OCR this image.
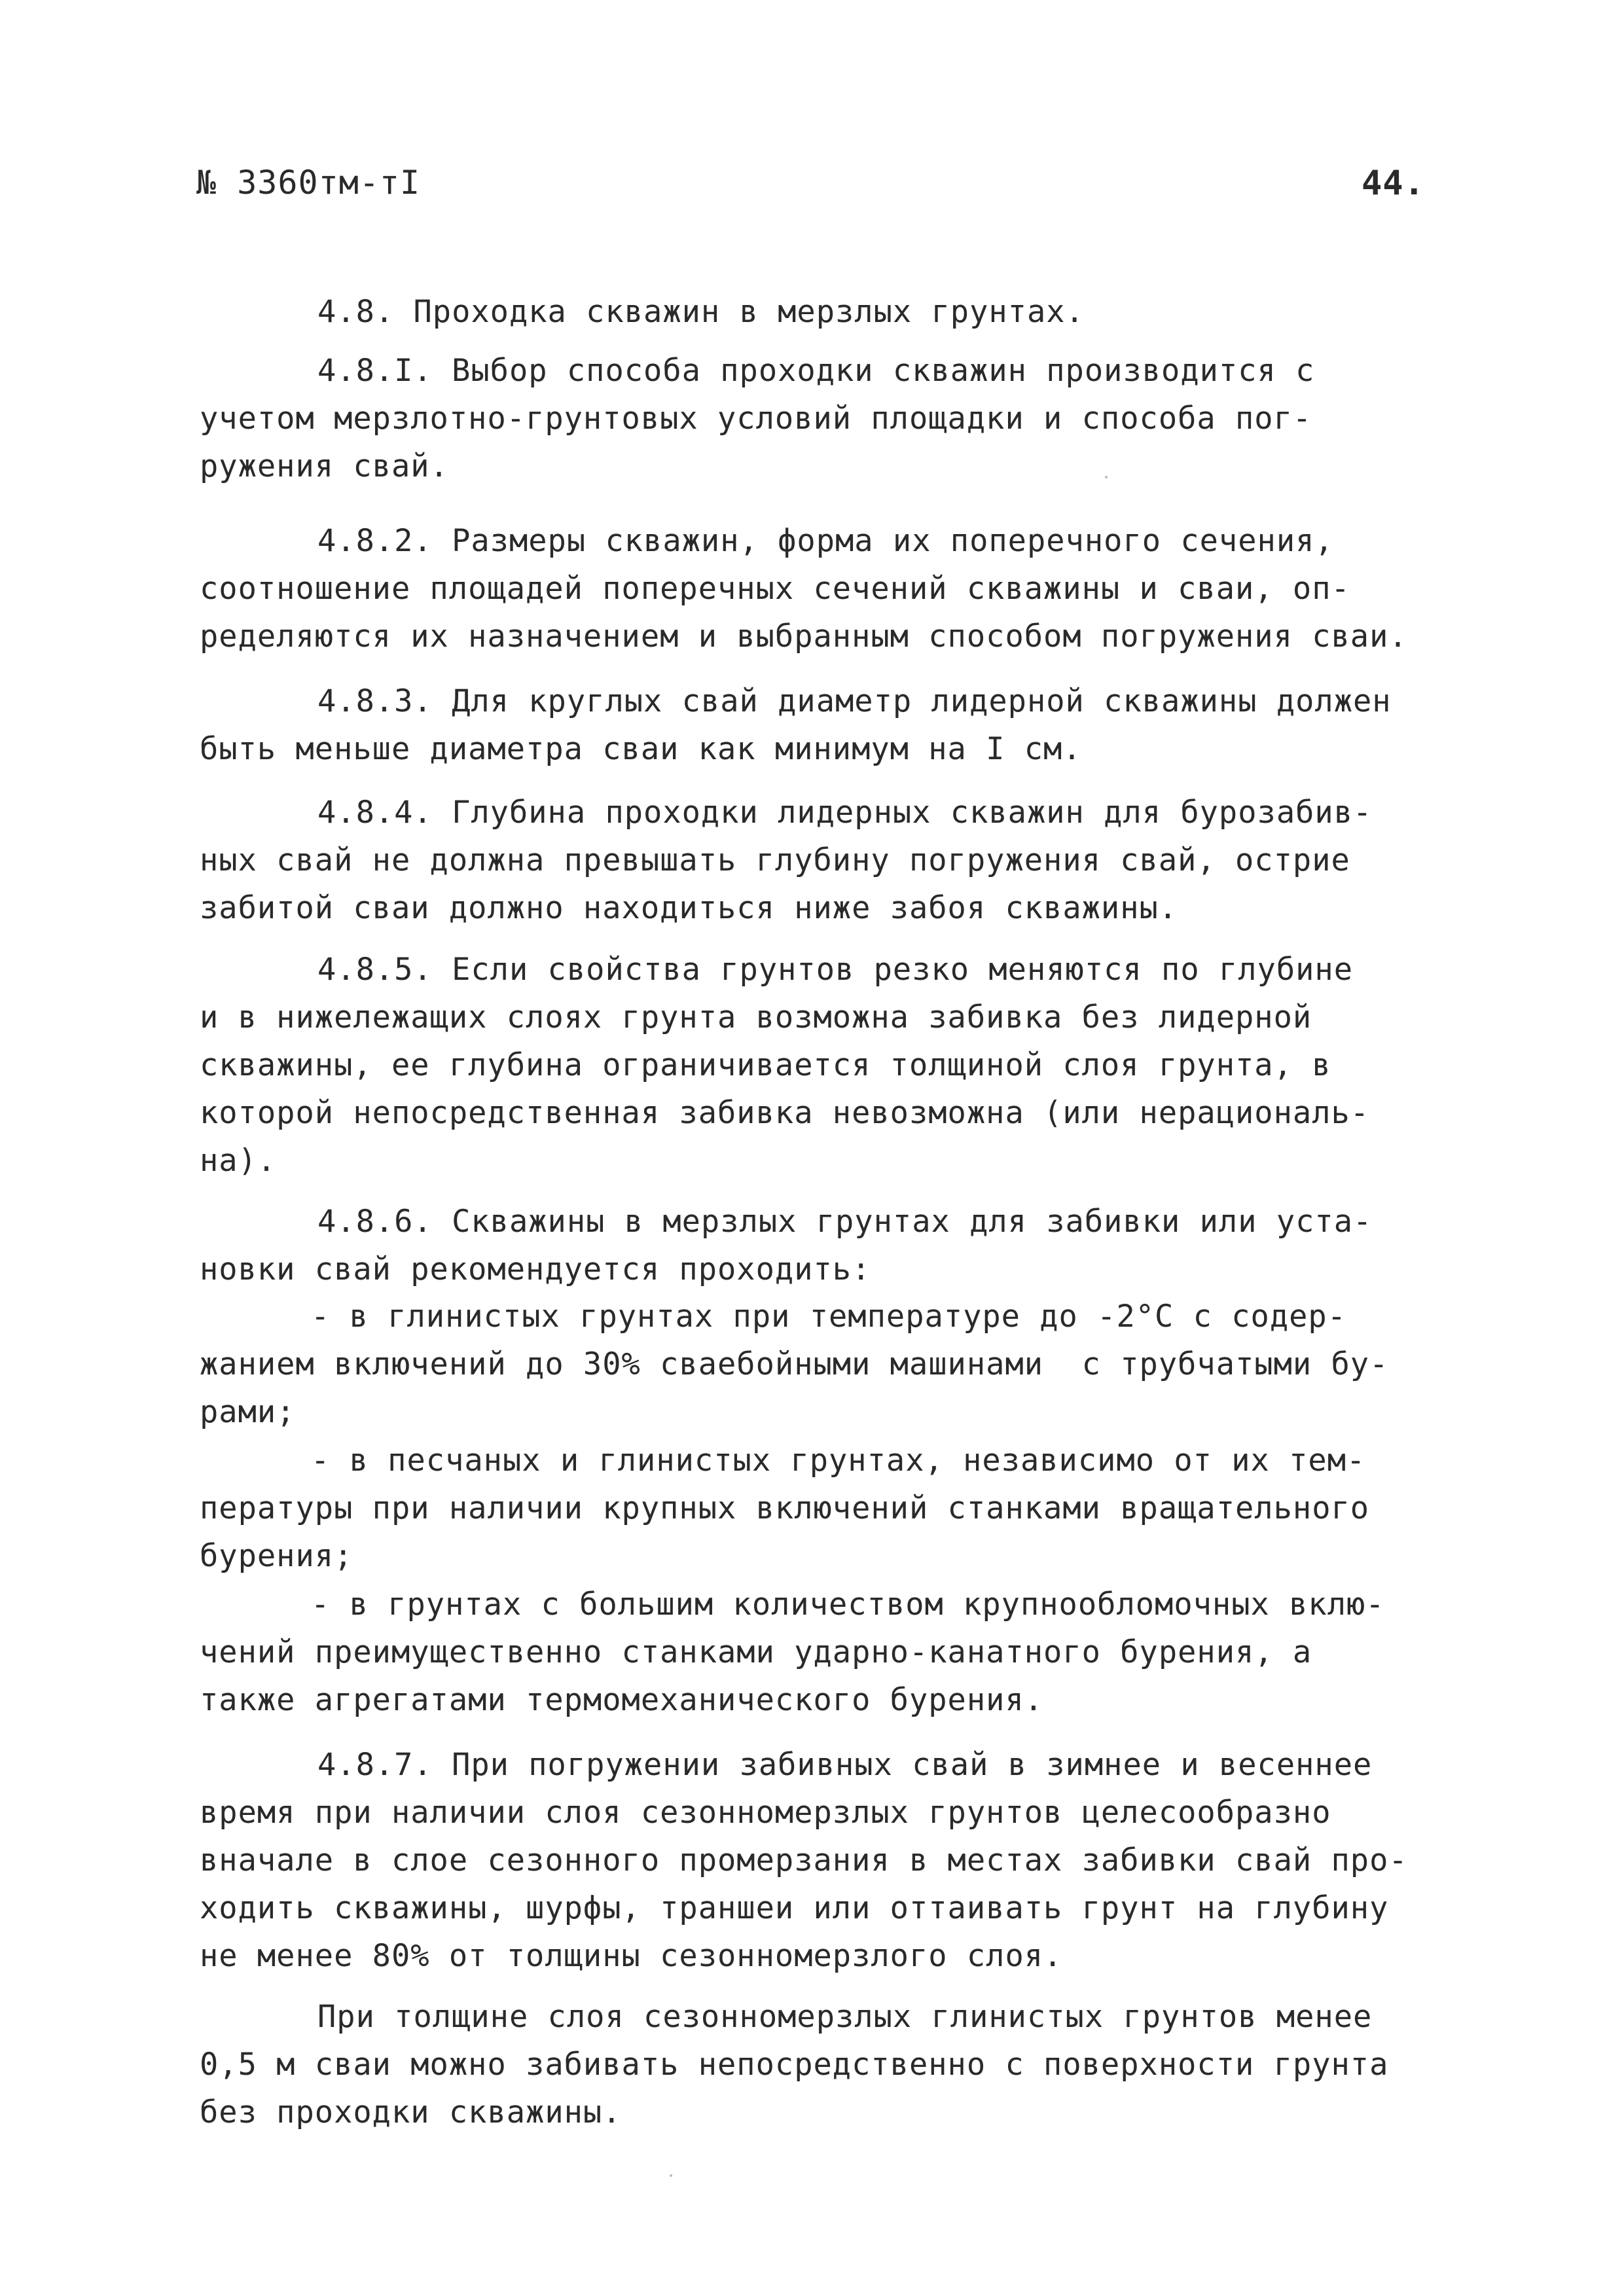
№ 3360тм-тI	44.
4.8. Проходка скважин в мерзлых грунтах.
4.8.I. Выбор способа проходки скважин производится с
учетом мерзлотно-грунтовых условий площадки и способа пог-
ружения свай.
4.8.2. Размеры скважин, форма их поперечного сечения,
соотношение площадей поперечных сечений скважины и сваи, оп-
ределяются их назначением и выбранным способом погружения сваи.
4.8.3. Для круглых свай диаметр лидерной скважины должен
быть меньше диаметра сваи как минимум на I см.
4.8.4. Глубина проходки лидерных скважин для бурозабив-
ных свай не должна превышать глубину погружения свай, острие
забитой сваи должно находиться ниже забоя скважины.
4.8.5. Если свойства грунтов резко меняются по глубине
и в нижележащих слоях грунта возможна забивка без лидерной
скважины, ее глубина ограничивается толщиной слоя грунта, в
которой непосредственная забивка невозможна (или нерациональ-
на).
4.8.6. Скважины в мерзлых грунтах для забивки или уста-
новки свай рекомендуется проходить:
- в глинистых грунтах при температуре до -2°С с содер-
жанием включений до 30% сваебойными машинами  с трубчатыми бу-
рами;
- в песчаных и глинистых грунтах, независимо от их тем-
пературы при наличии крупных включений станками вращательного
бурения;
- в грунтах с большим количеством крупнообломочных вклю-
чений преимущественно станками ударно-канатного бурения, а
также агрегатами термомеханического бурения.
4.8.7. При погружении забивных свай в зимнее и весеннее
время при наличии слоя сезонномерзлых грунтов целесообразно
вначале в слое сезонного промерзания в местах забивки свай про-
ходить скважины, шурфы, траншеи или оттаивать грунт на глубину
не менее 80% от толщины сезонномерзлого слоя.
При толщине слоя сезонномерзлых глинистых грунтов менее
0,5 м сваи можно забивать непосредственно с поверхности грунта
без проходки скважины.
